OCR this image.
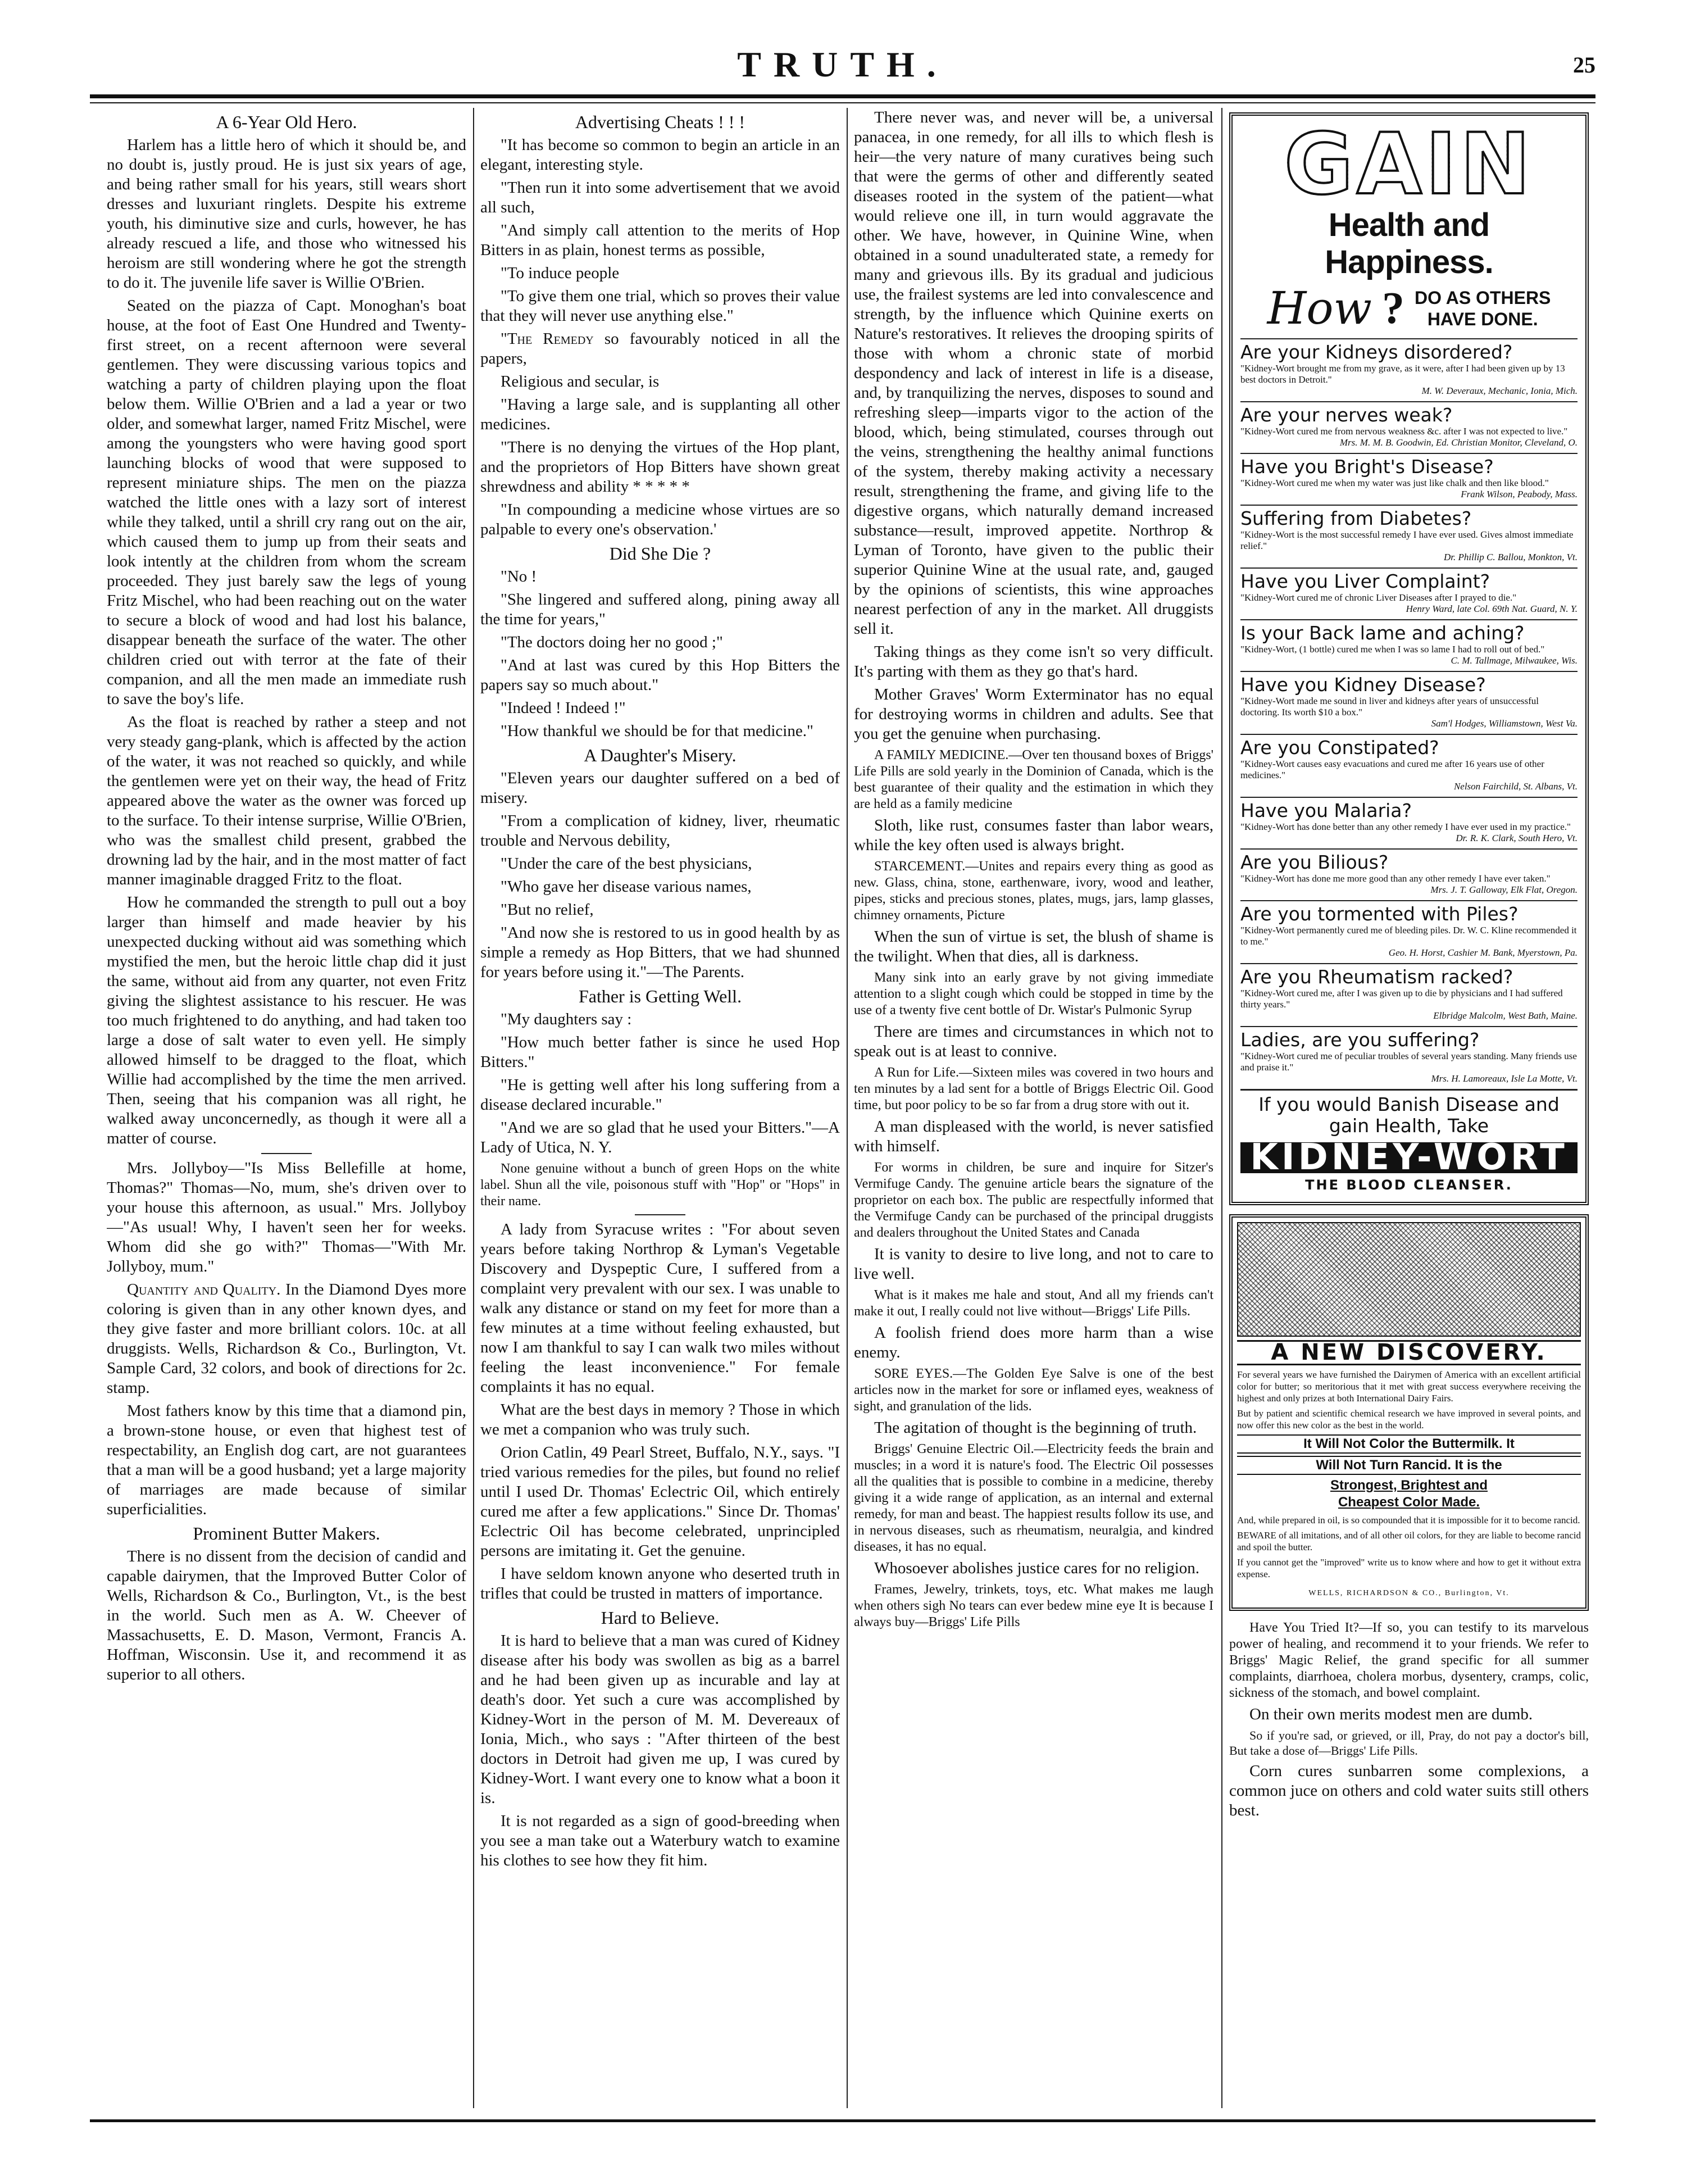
TRUTH.	25
A 6-Year Old Hero.

Harlem has a little hero of which it should be, and no doubt is, justly proud. He is just six years of age, and being rather small for his years, still wears short dresses and luxuriant ringlets. Despite his extreme youth, his diminutive size and curls, however, he has already rescued a life, and those who witnessed his heroism are still wondering where he got the strength to do it. The juvenile life saver is Willie O'Brien.

Seated on the piazza of Capt. Monoghan's boat house, at the foot of East One Hundred and Twenty-first street, on a recent afternoon were several gentlemen. They were discussing various topics and watching a party of children playing upon the float below them. Willie O'Brien and a lad a year or two older, and somewhat larger, named Fritz Mischel, were among the youngsters who were having good sport launching blocks of wood that were supposed to represent miniature ships. The men on the piazza watched the little ones with a lazy sort of interest while they talked, until a shrill cry rang out on the air, which caused them to jump up from their seats and look intently at the children from whom the scream proceeded. They just barely saw the legs of young Fritz Mischel, who had been reaching out on the water to secure a block of wood and had lost his balance, disappear beneath the surface of the water. The other children cried out with terror at the fate of their companion, and all the men made an immediate rush to save the boy's life.

As the float is reached by rather a steep and not very steady gang-plank, which is affected by the action of the water, it was not reached so quickly, and while the gentlemen were yet on their way, the head of Fritz appeared above the water as the owner was forced up to the surface. To their intense surprise, Willie O'Brien, who was the smallest child present, grabbed the drowning lad by the hair, and in the most matter of fact manner imaginable dragged Fritz to the float.

How he commanded the strength to pull out a boy larger than himself and made heavier by his unexpected ducking without aid was something which mystified the men, but the heroic little chap did it just the same, without aid from any quarter, not even Fritz giving the slightest assistance to his rescuer. He was too much frightened to do anything, and had taken too large a dose of salt water to even yell. He simply allowed himself to be dragged to the float, which Willie had accomplished by the time the men arrived. Then, seeing that his companion was all right, he walked away unconcernedly, as though it were all a matter of course.

Mrs. Jollyboy—"Is Miss Bellefille at home, Thomas?" Thomas—No, mum, she's driven over to your house this afternoon, as usual." Mrs. Jollyboy—"As usual! Why, I haven't seen her for weeks. Whom did she go with?" Thomas—"With Mr. Jollyboy, mum."

Quantity and Quality. In the Diamond Dyes more coloring is given than in any other known dyes, and they give faster and more brilliant colors. 10c. at all druggists. Wells, Richardson & Co., Burlington, Vt. Sample Card, 32 colors, and book of directions for 2c. stamp.

Most fathers know by this time that a diamond pin, a brown-stone house, or even that highest test of respectability, an English dog cart, are not guarantees that a man will be a good husband; yet a large majority of marriages are made because of similar superficialities.

Prominent Butter Makers.

There is no dissent from the decision of candid and capable dairymen, that the Improved Butter Color of Wells, Richardson & Co., Burlington, Vt., is the best in the world. Such men as A. W. Cheever of Massachusetts, E. D. Mason, Vermont, Francis A. Hoffman, Wisconsin. Use it, and recommend it as superior to all others.

Advertising Cheats ! ! !

"It has become so common to begin an article in an elegant, interesting style.

"Then run it into some advertisement that we avoid all such,

"And simply call attention to the merits of Hop Bitters in as plain, honest terms as possible,

"To induce people

"To give them one trial, which so proves their value that they will never use anything else."

"The Remedy so favourably noticed in all the papers,

Religious and secular, is

"Having a large sale, and is supplanting all other medicines.

"There is no denying the virtues of the Hop plant, and the proprietors of Hop Bitters have shown great shrewdness and ability * * * * *

"In compounding a medicine whose virtues are so palpable to every one's observation.'

Did She Die ?

"No !

"She lingered and suffered along, pining away all the time for years,"

"The doctors doing her no good ;"

"And at last was cured by this Hop Bitters the papers say so much about."

"Indeed ! Indeed !"

"How thankful we should be for that medicine."

A Daughter's Misery.

"Eleven years our daughter suffered on a bed of misery.

"From a complication of kidney, liver, rheumatic trouble and Nervous debility,

"Under the care of the best physicians,

"Who gave her disease various names,

"But no relief,

"And now she is restored to us in good health by as simple a remedy as Hop Bitters, that we had shunned for years before using it."—The Parents.

Father is Getting Well.

"My daughters say :

"How much better father is since he used Hop Bitters."

"He is getting well after his long suffering from a disease declared incurable."

"And we are so glad that he used your Bitters."—A Lady of Utica, N. Y.

None genuine without a bunch of green Hops on the white label. Shun all the vile, poisonous stuff with "Hop" or "Hops" in their name.

A lady from Syracuse writes : "For about seven years before taking Northrop & Lyman's Vegetable Discovery and Dyspeptic Cure, I suffered from a complaint very prevalent with our sex. I was unable to walk any distance or stand on my feet for more than a few minutes at a time without feeling exhausted, but now I am thankful to say I can walk two miles without feeling the least inconvenience." For female complaints it has no equal.

What are the best days in memory ? Those in which we met a companion who was truly such.

Orion Catlin, 49 Pearl Street, Buffalo, N.Y., says. "I tried various remedies for the piles, but found no relief until I used Dr. Thomas' Eclectric Oil, which entirely cured me after a few applications." Since Dr. Thomas' Eclectric Oil has become celebrated, unprincipled persons are imitating it. Get the genuine.

I have seldom known anyone who deserted truth in trifles that could be trusted in matters of importance.

Hard to Believe.

It is hard to believe that a man was cured of Kidney disease after his body was swollen as big as a barrel and he had been given up as incurable and lay at death's door. Yet such a cure was accomplished by Kidney-Wort in the person of M. M. Devereaux of Ionia, Mich., who says : "After thirteen of the best doctors in Detroit had given me up, I was cured by Kidney-Wort. I want every one to know what a boon it is.

It is not regarded as a sign of good-breeding when you see a man take out a Waterbury watch to examine his clothes to see how they fit him.

There never was, and never will be, a universal panacea, in one remedy, for all ills to which flesh is heir—the very nature of many curatives being such that were the germs of other and differently seated diseases rooted in the system of the patient—what would relieve one ill, in turn would aggravate the other. We have, however, in Quinine Wine, when obtained in a sound unadulterated state, a remedy for many and grievous ills. By its gradual and judicious use, the frailest systems are led into convalescence and strength, by the influence which Quinine exerts on Nature's restoratives. It relieves the drooping spirits of those with whom a chronic state of morbid despondency and lack of interest in life is a disease, and, by tranquilizing the nerves, disposes to sound and refreshing sleep—imparts vigor to the action of the blood, which, being stimulated, courses through out the veins, strengthening the healthy animal functions of the system, thereby making activity a necessary result, strengthening the frame, and giving life to the digestive organs, which naturally demand increased substance—result, improved appetite. Northrop & Lyman of Toronto, have given to the public their superior Quinine Wine at the usual rate, and, gauged by the opinions of scientists, this wine approaches nearest perfection of any in the market. All druggists sell it.

Taking things as they come isn't so very difficult. It's parting with them as they go that's hard.

Mother Graves' Worm Exterminator has no equal for destroying worms in children and adults. See that you get the genuine when purchasing.

A FAMILY MEDICINE.—Over ten thousand boxes of Briggs' Life Pills are sold yearly in the Dominion of Canada, which is the best guarantee of their quality and the estimation in which they are held as a family medicine

Sloth, like rust, consumes faster than labor wears, while the key often used is always bright.

STARCEMENT.—Unites and repairs every thing as good as new. Glass, china, stone, earthenware, ivory, wood and leather, pipes, sticks and precious stones, plates, mugs, jars, lamp glasses, chimney ornaments, Picture

When the sun of virtue is set, the blush of shame is the twilight. When that dies, all is darkness.

Many sink into an early grave by not giving immediate attention to a slight cough which could be stopped in time by the use of a twenty five cent bottle of Dr. Wistar's Pulmonic Syrup

There are times and circumstances in which not to speak out is at least to connive.

A Run for Life.—Sixteen miles was covered in two hours and ten minutes by a lad sent for a bottle of Briggs Electric Oil. Good time, but poor policy to be so far from a drug store with out it.

A man displeased with the world, is never satisfied with himself.

For worms in children, be sure and inquire for Sitzer's Vermifuge Candy. The genuine article bears the signature of the proprietor on each box. The public are respectfully informed that the Vermifuge Candy can be purchased of the principal druggists and dealers throughout the United States and Canada

It is vanity to desire to live long, and not to care to live well.

What is it makes me hale and stout, And all my friends can't make it out, I really could not live without—Briggs' Life Pills.

A foolish friend does more harm than a wise enemy.

SORE EYES.—The Golden Eye Salve is one of the best articles now in the market for sore or inflamed eyes, weakness of sight, and granulation of the lids.

The agitation of thought is the beginning of truth.

Briggs' Genuine Electric Oil.—Electricity feeds the brain and muscles; in a word it is nature's food. The Electric Oil possesses all the qualities that is possible to combine in a medicine, thereby giving it a wide range of application, as an internal and external remedy, for man and beast. The happiest results follow its use, and in nervous diseases, such as rheumatism, neuralgia, and kindred diseases, it has no equal.

Whosoever abolishes justice cares for no religion.

Frames, Jewelry, trinkets, toys, etc. What makes me laugh when others sigh No tears can ever bedew mine eye It is because I always buy—Briggs' Life Pills

GAIN
Health and Happiness.
How ? DO AS OTHERS
HAVE DONE.
Are your Kidneys disordered?
"Kidney-Wort brought me from my grave, as it were, after I had been given up by 13 best doctors in Detroit."
M. W. Deveraux, Mechanic, Ionia, Mich.
Are your nerves weak?
"Kidney-Wort cured me from nervous weakness &c. after I was not expected to live."
Mrs. M. M. B. Goodwin, Ed. Christian Monitor, Cleveland, O.
Have you Bright's Disease?
"Kidney-Wort cured me when my water was just like chalk and then like blood."
Frank Wilson, Peabody, Mass.
Suffering from Diabetes?
"Kidney-Wort is the most successful remedy I have ever used. Gives almost immediate relief."
Dr. Phillip C. Ballou, Monkton, Vt.
Have you Liver Complaint?
"Kidney-Wort cured me of chronic Liver Diseases after I prayed to die."
Henry Ward, late Col. 69th Nat. Guard, N. Y.
Is your Back lame and aching?
"Kidney-Wort, (1 bottle) cured me when I was so lame I had to roll out of bed."
C. M. Tallmage, Milwaukee, Wis.
Have you Kidney Disease?
"Kidney-Wort made me sound in liver and kidneys after years of unsuccessful doctoring. Its worth $10 a box."
Sam'l Hodges, Williamstown, West Va.
Are you Constipated?
"Kidney-Wort causes easy evacuations and cured me after 16 years use of other medicines."
Nelson Fairchild, St. Albans, Vt.
Have you Malaria?
"Kidney-Wort has done better than any other remedy I have ever used in my practice."
Dr. R. K. Clark, South Hero, Vt.
Are you Bilious?
"Kidney-Wort has done me more good than any other remedy I have ever taken."
Mrs. J. T. Galloway, Elk Flat, Oregon.
Are you tormented with Piles?
"Kidney-Wort permanently cured me of bleeding piles. Dr. W. C. Kline recommended it to me."
Geo. H. Horst, Cashier M. Bank, Myerstown, Pa.
Are you Rheumatism racked?
"Kidney-Wort cured me, after I was given up to die by physicians and I had suffered thirty years."
Elbridge Malcolm, West Bath, Maine.
Ladies, are you suffering?
"Kidney-Wort cured me of peculiar troubles of several years standing. Many friends use and praise it."
Mrs. H. Lamoreaux, Isle La Motte, Vt.
If you would Banish Disease and gain Health, Take
KIDNEY-WORT
THE BLOOD CLEANSER.
A NEW DISCOVERY.
For several years we have furnished the Dairymen of America with an excellent artificial color for butter; so meritorious that it met with great success everywhere receiving the highest and only prizes at both International Dairy Fairs.
But by patient and scientific chemical research we have improved in several points, and now offer this new color as the best in the world.
It Will Not Color the Buttermilk. It
Will Not Turn Rancid. It is the
Strongest, Brightest and
Cheapest Color Made.
And, while prepared in oil, is so compounded that it is impossible for it to become rancid.
BEWARE of all imitations, and of all other oil colors, for they are liable to become rancid and spoil the butter.
If you cannot get the "improved" write us to know where and how to get it without extra expense.
WELLS, RICHARDSON & CO., Burlington, Vt.

Have You Tried It?—If so, you can testify to its marvelous power of healing, and recommend it to your friends. We refer to Briggs' Magic Relief, the grand specific for all summer complaints, diarrhoea, cholera morbus, dysentery, cramps, colic, sickness of the stomach, and bowel complaint.

On their own merits modest men are dumb.

So if you're sad, or grieved, or ill, Pray, do not pay a doctor's bill, But take a dose of—Briggs' Life Pills.

Corn cures sunbarren some complexions, a common juce on others and cold water suits still others best.
